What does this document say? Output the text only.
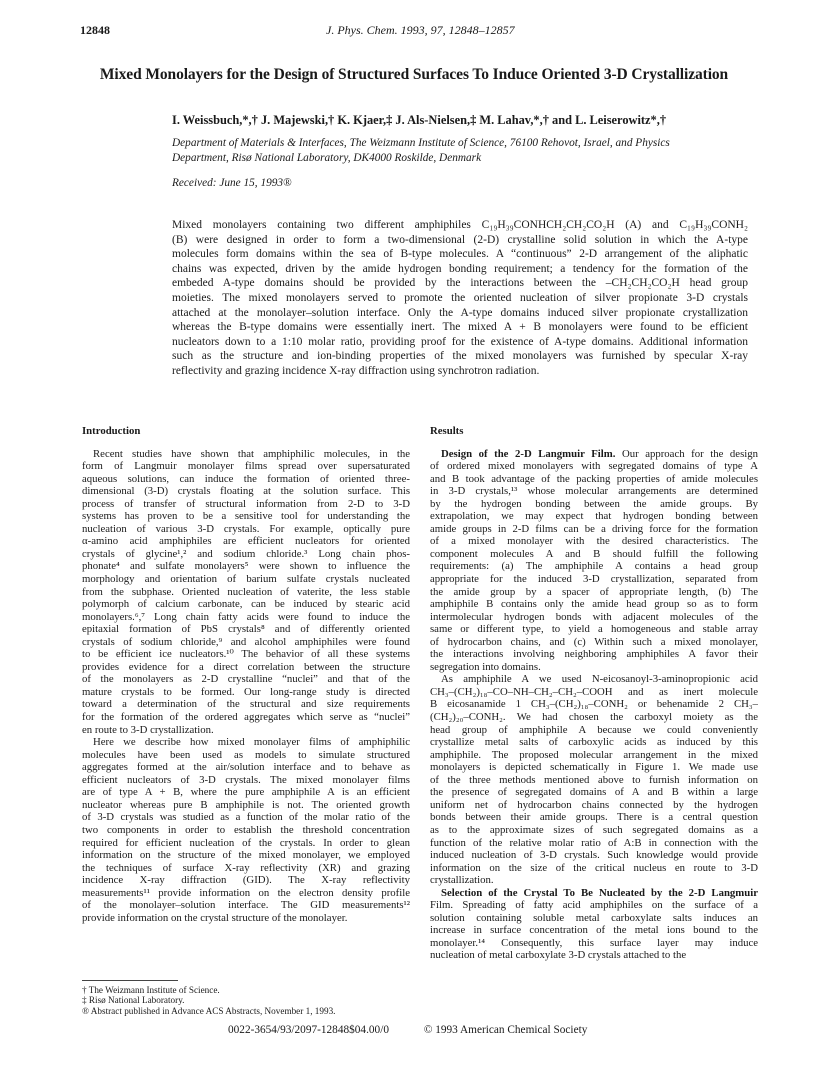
12848	J. Phys. Chem. 1993, 97, 12848–12857
Mixed Monolayers for the Design of Structured Surfaces To Induce Oriented 3-D Crystallization
I. Weissbuch,*,† J. Majewski,† K. Kjaer,‡ J. Als-Nielsen,‡ M. Lahav,*,† and L. Leiserowitz*,†
Department of Materials & Interfaces, The Weizmann Institute of Science, 76100 Rehovot, Israel, and Physics
Department, Risø National Laboratory, DK4000 Roskilde, Denmark
Received: June 15, 1993®
Mixed monolayers containing two different amphiphiles C₁₉H₃₉CONHCH₂CH₂CO₂H (A) and C₁₉H₃₉CONH₂
(B) were designed in order to form a two-dimensional (2-D) crystalline solid solution in which the A-type
molecules form domains within the sea of B-type molecules. A “continuous” 2-D arrangement of the aliphatic
chains was expected, driven by the amide hydrogen bonding requirement; a tendency for the formation of the
embeded A-type domains should be provided by the interactions between the –CH₂CH₂CO₂H head group
moieties. The mixed monolayers served to promote the oriented nucleation of silver propionate 3-D crystals
attached at the monolayer–solution interface. Only the A-type domains induced silver propionate crystallization
whereas the B-type domains were essentially inert. The mixed A + B monolayers were found to be efficient
nucleators down to a 1:10 molar ratio, providing proof for the existence of A-type domains. Additional information
such as the structure and ion-binding properties of the mixed monolayers was furnished by specular X-ray
reflectivity and grazing incidence X-ray diffraction using synchrotron radiation.
Introduction
Recent studies have shown that amphiphilic molecules, in the
form of Langmuir monolayer films spread over supersaturated
aqueous solutions, can induce the formation of oriented three-
dimensional (3-D) crystals floating at the solution surface. This
process of transfer of structural information from 2-D to 3-D
systems has proven to be a sensitive tool for understanding the
nucleation of various 3-D crystals. For example, optically pure
α-amino acid amphiphiles are efficient nucleators for oriented
crystals of glycine¹,² and sodium chloride.³ Long chain phos-
phonate⁴ and sulfate monolayers⁵ were shown to influence the
morphology and orientation of barium sulfate crystals nucleated
from the subphase. Oriented nucleation of vaterite, the less stable
polymorph of calcium carbonate, can be induced by stearic acid
monolayers.⁶,⁷ Long chain fatty acids were found to induce the
epitaxial formation of PbS crystals⁸ and of differently oriented
crystals of sodium chloride,⁹ and alcohol amphiphiles were found
to be efficient ice nucleators.¹⁰ The behavior of all these systems
provides evidence for a direct correlation between the structure
of the monolayers as 2-D crystalline “nuclei” and that of the
mature crystals to be formed. Our long-range study is directed
toward a determination of the structural and size requirements
for the formation of the ordered aggregates which serve as “nuclei”
en route to 3-D crystallization.
Here we describe how mixed monolayer films of amphiphilic
molecules have been used as models to simulate structured
aggregates formed at the air/solution interface and to behave as
efficient nucleators of 3-D crystals. The mixed monolayer films
are of type A + B, where the pure amphiphile A is an efficient
nucleator whereas pure B amphiphile is not. The oriented growth
of 3-D crystals was studied as a function of the molar ratio of the
two components in order to establish the threshold concentration
required for efficient nucleation of the crystals. In order to glean
information on the structure of the mixed monolayer, we employed
the techniques of surface X-ray reflectivity (XR) and grazing
incidence X-ray diffraction (GID). The X-ray reflectivity
measurements¹¹ provide information on the electron density profile
of the monolayer–solution interface. The GID measurements¹²
provide information on the crystal structure of the monolayer.
† The Weizmann Institute of Science.
‡ Risø National Laboratory.
® Abstract published in Advance ACS Abstracts, November 1, 1993.
Results
Design of the 2-D Langmuir Film. Our approach for the design
of ordered mixed monolayers with segregated domains of type A
and B took advantage of the packing properties of amide molecules
in 3-D crystals,¹³ whose molecular arrangements are determined
by the hydrogen bonding between the amide groups. By
extrapolation, we may expect that hydrogen bonding between
amide groups in 2-D films can be a driving force for the formation
of a mixed monolayer with the desired characteristics. The
component molecules A and B should fulfill the following
requirements: (a) The amphiphile A contains a head group
appropriate for the induced 3-D crystallization, separated from
the amide group by a spacer of appropriate length, (b) The
amphiphile B contains only the amide head group so as to form
intermolecular hydrogen bonds with adjacent molecules of the
same or different type, to yield a homogeneous and stable array
of hydrocarbon chains, and (c) Within such a mixed monolayer,
the interactions involving neighboring amphiphiles A favor their
segregation into domains.
As amphiphile A we used N-eicosanoyl-3-aminopropionic acid
CH₃–(CH₂)₁₈–CO–NH–CH₂–CH₂–COOH and as inert molecule
B eicosanamide 1 CH₃–(CH₂)₁₈–CONH₂ or behenamide 2 CH₃–
(CH₂)₂₀–CONH₂. We had chosen the carboxyl moiety as the
head group of amphiphile A because we could conveniently
crystallize metal salts of carboxylic acids as induced by this
amphiphile. The proposed molecular arrangement in the mixed
monolayers is depicted schematically in Figure 1. We made use
of the three methods mentioned above to furnish information on
the presence of segregated domains of A and B within a large
uniform net of hydrocarbon chains connected by the hydrogen
bonds between their amide groups. There is a central question
as to the approximate sizes of such segregated domains as a
function of the relative molar ratio of A:B in connection with the
induced nucleation of 3-D crystals. Such knowledge would provide
information on the size of the critical nucleus en route to 3-D
crystallization.
Selection of the Crystal To Be Nucleated by the 2-D Langmuir
Film. Spreading of fatty acid amphiphiles on the surface of a
solution containing soluble metal carboxylate salts induces an
increase in surface concentration of the metal ions bound to the
monolayer.¹⁴ Consequently, this surface layer may induce
nucleation of metal carboxylate 3-D crystals attached to the
0022-3654/93/2097-12848$04.00/0	© 1993 American Chemical Society
